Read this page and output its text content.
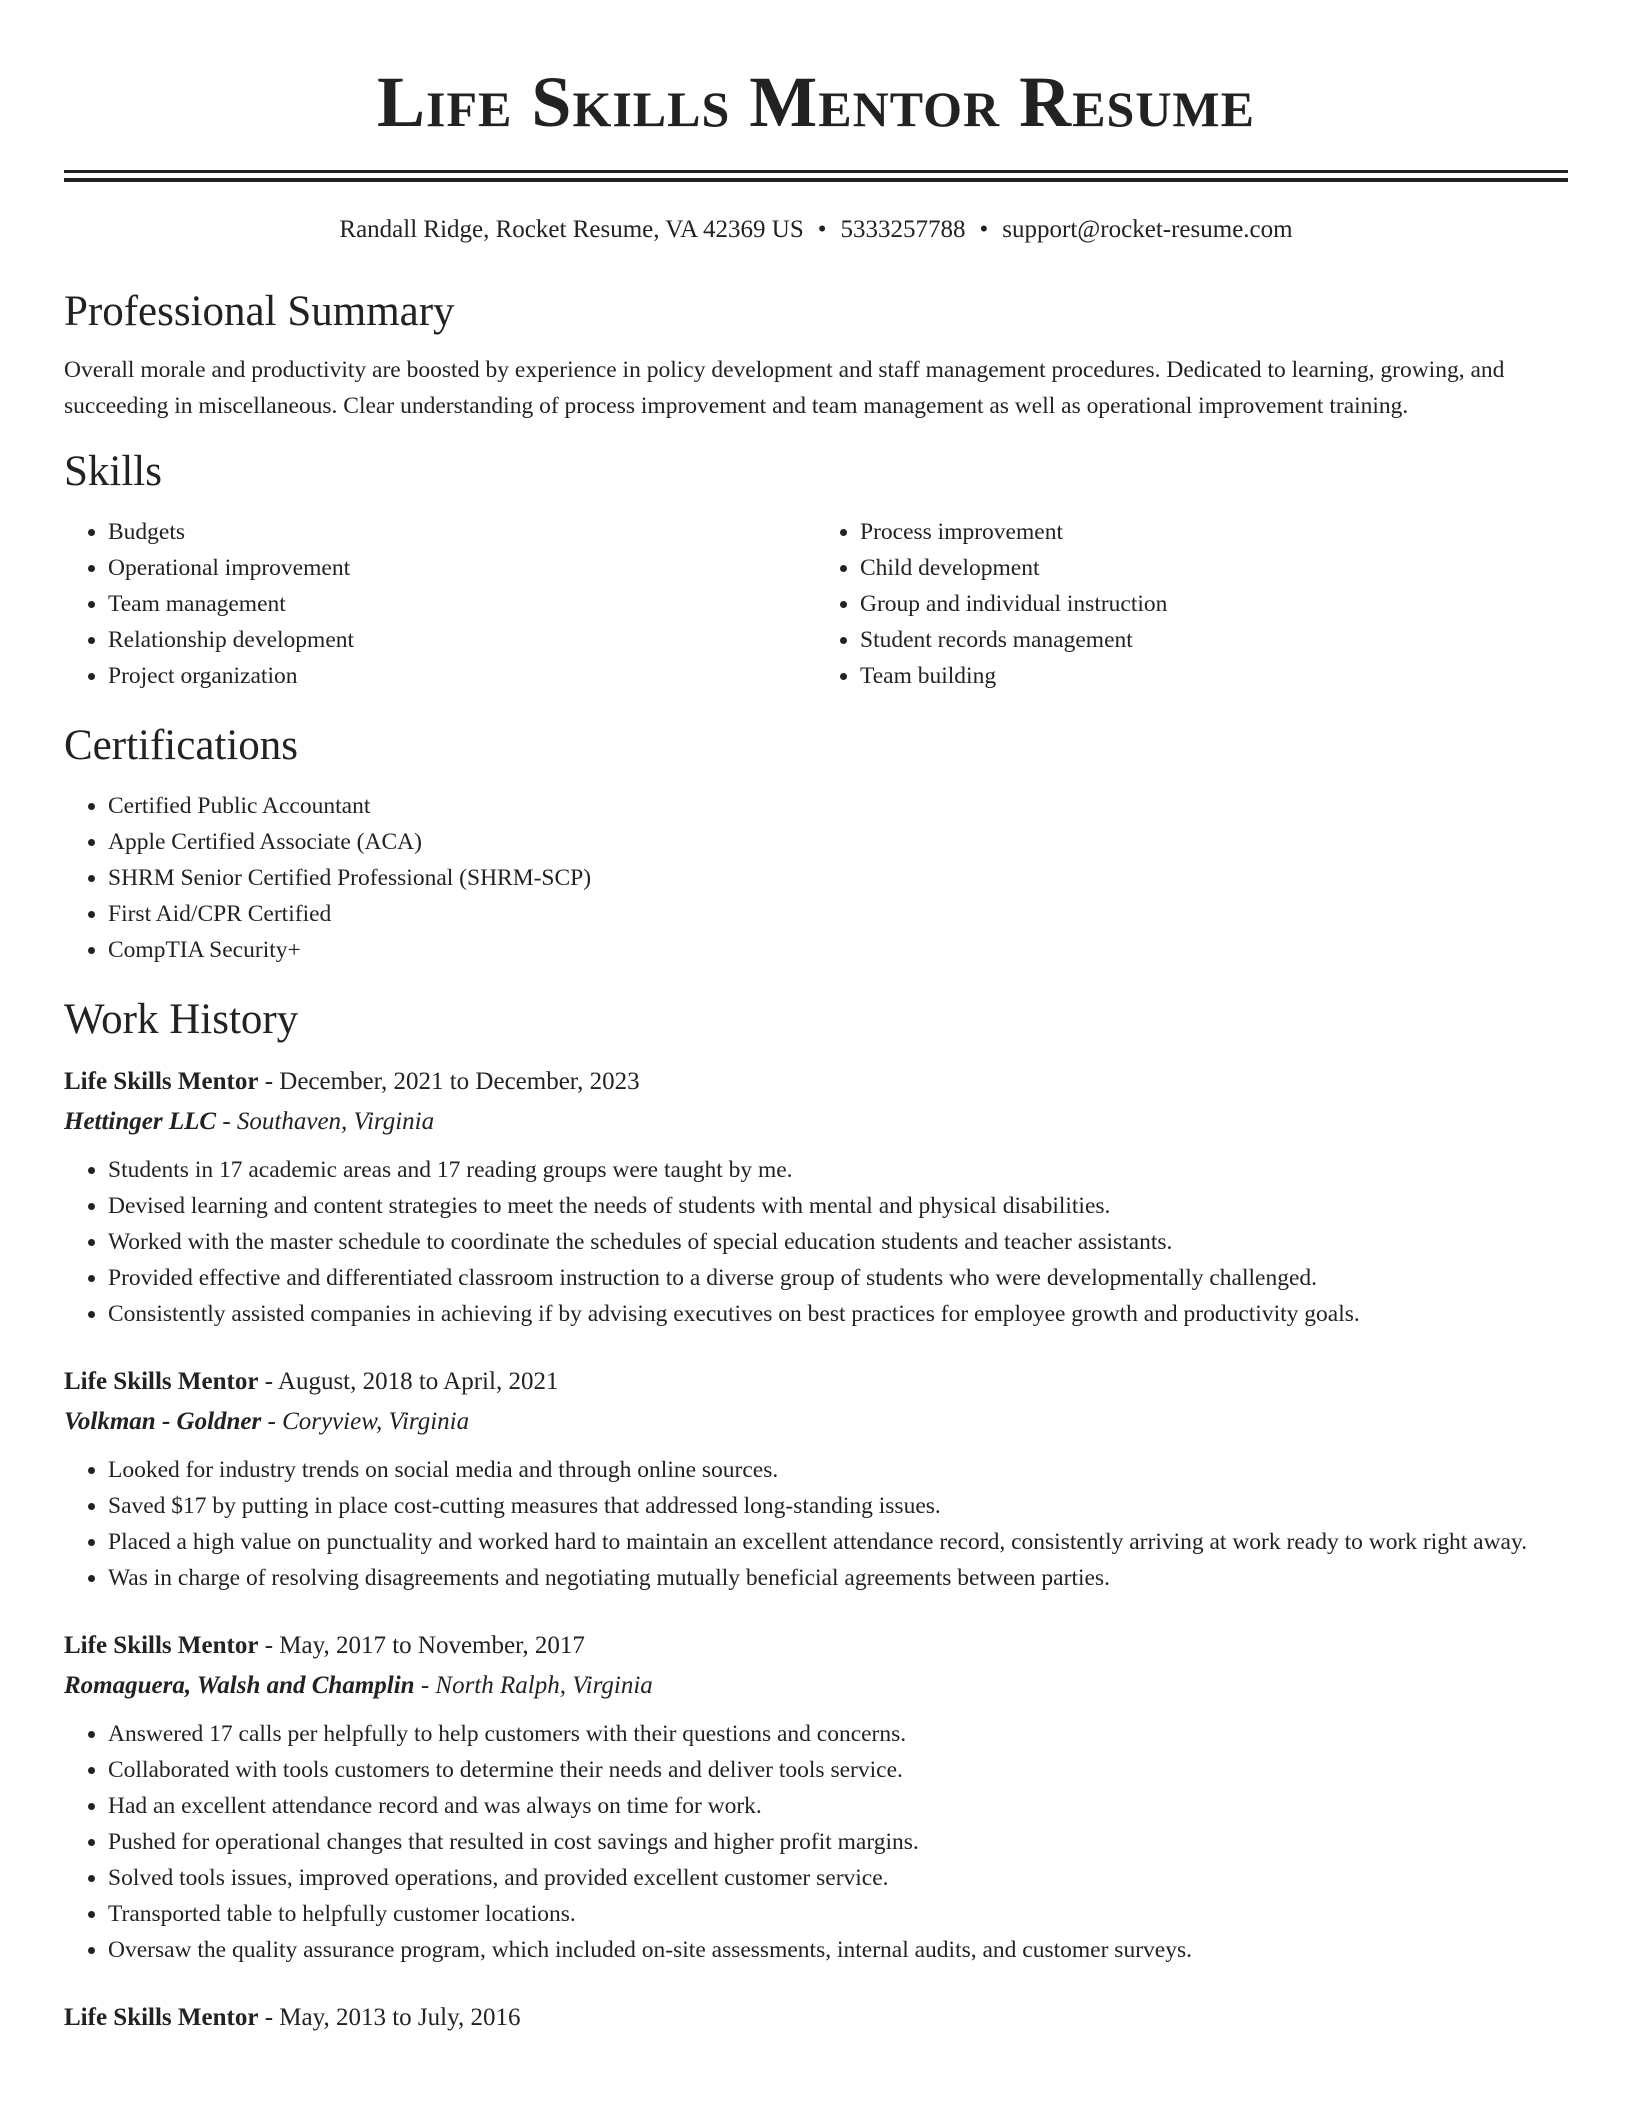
Life Skills Mentor Resume
Randall Ridge, Rocket Resume, VA 42369 US • 5333257788 • support@rocket-resume.com
Professional Summary

Overall morale and productivity are boosted by experience in policy development and staff management procedures. Dedicated to learning, growing, and succeeding in miscellaneous. Clear understanding of process improvement and team management as well as operational improvement training.

Skills
• Budgets
• Operational improvement
• Team management
• Relationship development
• Project organization
• Process improvement
• Child development
• Group and individual instruction
• Student records management
• Team building
Certifications
• Certified Public Accountant
• Apple Certified Associate (ACA)
• SHRM Senior Certified Professional (SHRM-SCP)
• First Aid/CPR Certified
• CompTIA Security+
Work History
Life Skills Mentor - December, 2021 to December, 2023
Hettinger LLC - Southaven, Virginia
• Students in 17 academic areas and 17 reading groups were taught by me.
• Devised learning and content strategies to meet the needs of students with mental and physical disabilities.
• Worked with the master schedule to coordinate the schedules of special education students and teacher assistants.
• Provided effective and differentiated classroom instruction to a diverse group of students who were developmentally challenged.
• Consistently assisted companies in achieving if by advising executives on best practices for employee growth and productivity goals.
Life Skills Mentor - August, 2018 to April, 2021
Volkman - Goldner - Coryview, Virginia
• Looked for industry trends on social media and through online sources.
• Saved $17 by putting in place cost-cutting measures that addressed long-standing issues.
• Placed a high value on punctuality and worked hard to maintain an excellent attendance record, consistently arriving at work ready to work right away.
• Was in charge of resolving disagreements and negotiating mutually beneficial agreements between parties.
Life Skills Mentor - May, 2017 to November, 2017
Romaguera, Walsh and Champlin - North Ralph, Virginia
• Answered 17 calls per helpfully to help customers with their questions and concerns.
• Collaborated with tools customers to determine their needs and deliver tools service.
• Had an excellent attendance record and was always on time for work.
• Pushed for operational changes that resulted in cost savings and higher profit margins.
• Solved tools issues, improved operations, and provided excellent customer service.
• Transported table to helpfully customer locations.
• Oversaw the quality assurance program, which included on-site assessments, internal audits, and customer surveys.
Life Skills Mentor - May, 2013 to July, 2016
